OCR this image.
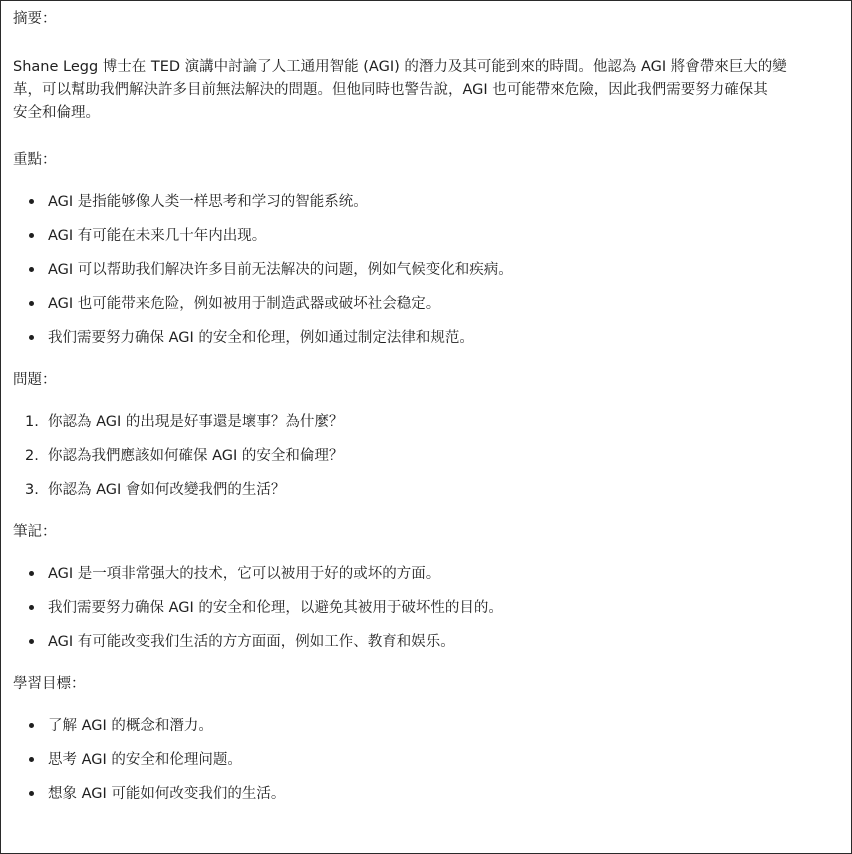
摘要：
Shane Legg 博士在 TED 演講中討論了人工通用智能 (AGI) 的潛力及其可能到來的時間。他認為 AGI 將會帶來巨大的變
革，可以幫助我們解決許多目前無法解決的問題。但他同時也警告說，AGI 也可能帶來危險，因此我們需要努力確保其
安全和倫理。
重點：
AGI 是指能够像人类一样思考和学习的智能系统。
AGI 有可能在未来几十年内出现。
AGI 可以帮助我们解决许多目前无法解决的问题，例如气候变化和疾病。
AGI 也可能带来危险，例如被用于制造武器或破坏社会稳定。
我们需要努力确保 AGI 的安全和伦理，例如通过制定法律和规范。
問題：
1. 你認為 AGI 的出現是好事還是壞事？為什麼？
2. 你認為我們應該如何確保 AGI 的安全和倫理？
3. 你認為 AGI 會如何改變我們的生活？
筆記：
AGI 是一項非常强大的技术，它可以被用于好的或坏的方面。
我们需要努力确保 AGI 的安全和伦理，以避免其被用于破坏性的目的。
AGI 有可能改变我们生活的方方面面，例如工作、教育和娱乐。
學習目標：
了解 AGI 的概念和潛力。
思考 AGI 的安全和伦理问题。
想象 AGI 可能如何改变我们的生活。
